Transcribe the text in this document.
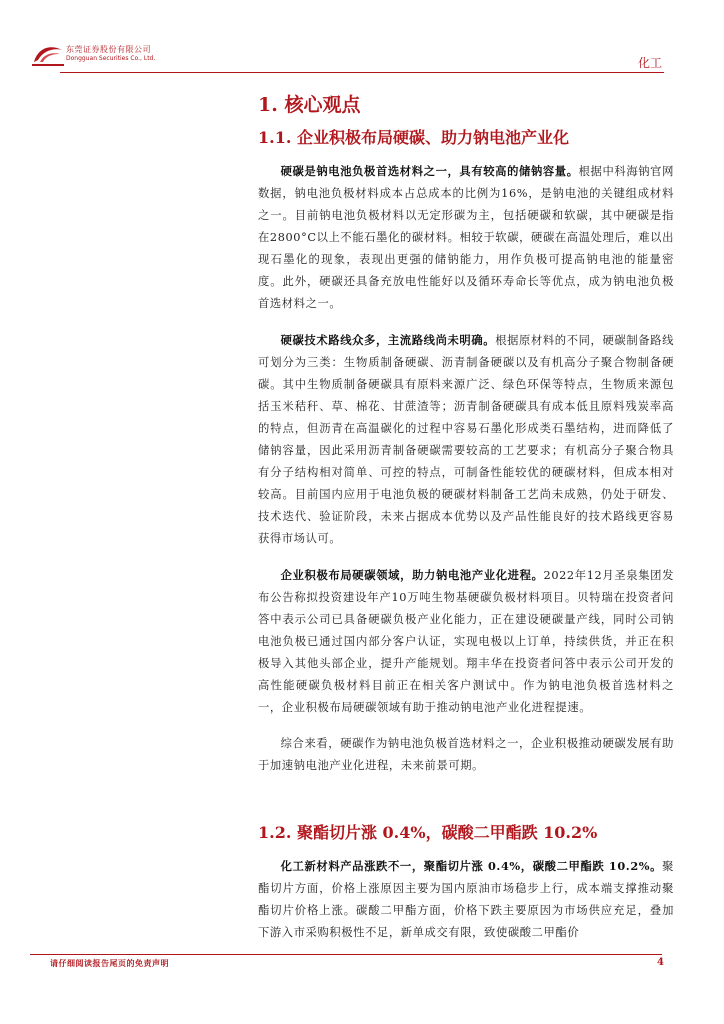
东莞证券股份有限公司
Dongguan Securities Co., Ltd.	化工
1. 核心观点
1.1. 企业积极布局硬碳、助力钠电池产业化

硬碳是钠电池负极首选材料之一，具有较高的储钠容量。根据中科海钠官网数据，钠电池负极材料成本占总成本的比例为16%，是钠电池的关键组成材料之一。目前钠电池负极材料以无定形碳为主，包括硬碳和软碳，其中硬碳是指在2800°C以上不能石墨化的碳材料。相较于软碳，硬碳在高温处理后，难以出现石墨化的现象，表现出更强的储钠能力，用作负极可提高钠电池的能量密度。此外，硬碳还具备充放电性能好以及循环寿命长等优点，成为钠电池负极首选材料之一。

硬碳技术路线众多，主流路线尚未明确。根据原材料的不同，硬碳制备路线可划分为三类：生物质制备硬碳、沥青制备硬碳以及有机高分子聚合物制备硬碳。其中生物质制备硬碳具有原料来源广泛、绿色环保等特点，生物质来源包括玉米秸秆、草、棉花、甘蔗渣等；沥青制备硬碳具有成本低且原料残炭率高的特点，但沥青在高温碳化的过程中容易石墨化形成类石墨结构，进而降低了储钠容量，因此采用沥青制备硬碳需要较高的工艺要求；有机高分子聚合物具有分子结构相对简单、可控的特点，可制备性能较优的硬碳材料，但成本相对较高。目前国内应用于电池负极的硬碳材料制备工艺尚未成熟，仍处于研发、技术迭代、验证阶段，未来占据成本优势以及产品性能良好的技术路线更容易获得市场认可。

企业积极布局硬碳领域，助力钠电池产业化进程。2022年12月圣泉集团发布公告称拟投资建设年产10万吨生物基硬碳负极材料项目。贝特瑞在投资者问答中表示公司已具备硬碳负极产业化能力，正在建设硬碳量产线，同时公司钠电池负极已通过国内部分客户认证，实现电极以上订单，持续供货，并正在积极导入其他头部企业，提升产能规划。翔丰华在投资者问答中表示公司开发的高性能硬碳负极材料目前正在相关客户测试中。作为钠电池负极首选材料之一，企业积极布局硬碳领域有助于推动钠电池产业化进程提速。

综合来看，硬碳作为钠电池负极首选材料之一，企业积极推动硬碳发展有助于加速钠电池产业化进程，未来前景可期。

1.2. 聚酯切片涨 0.4%，碳酸二甲酯跌 10.2%

化工新材料产品涨跌不一，聚酯切片涨 0.4%，碳酸二甲酯跌 10.2%。聚酯切片方面，价格上涨原因主要为国内原油市场稳步上行，成本端支撑推动聚酯切片价格上涨。碳酸二甲酯方面，价格下跌主要原因为市场供应充足，叠加下游入市采购积极性不足，新单成交有限，致使碳酸二甲酯价

请仔细阅读报告尾页的免责声明	4
